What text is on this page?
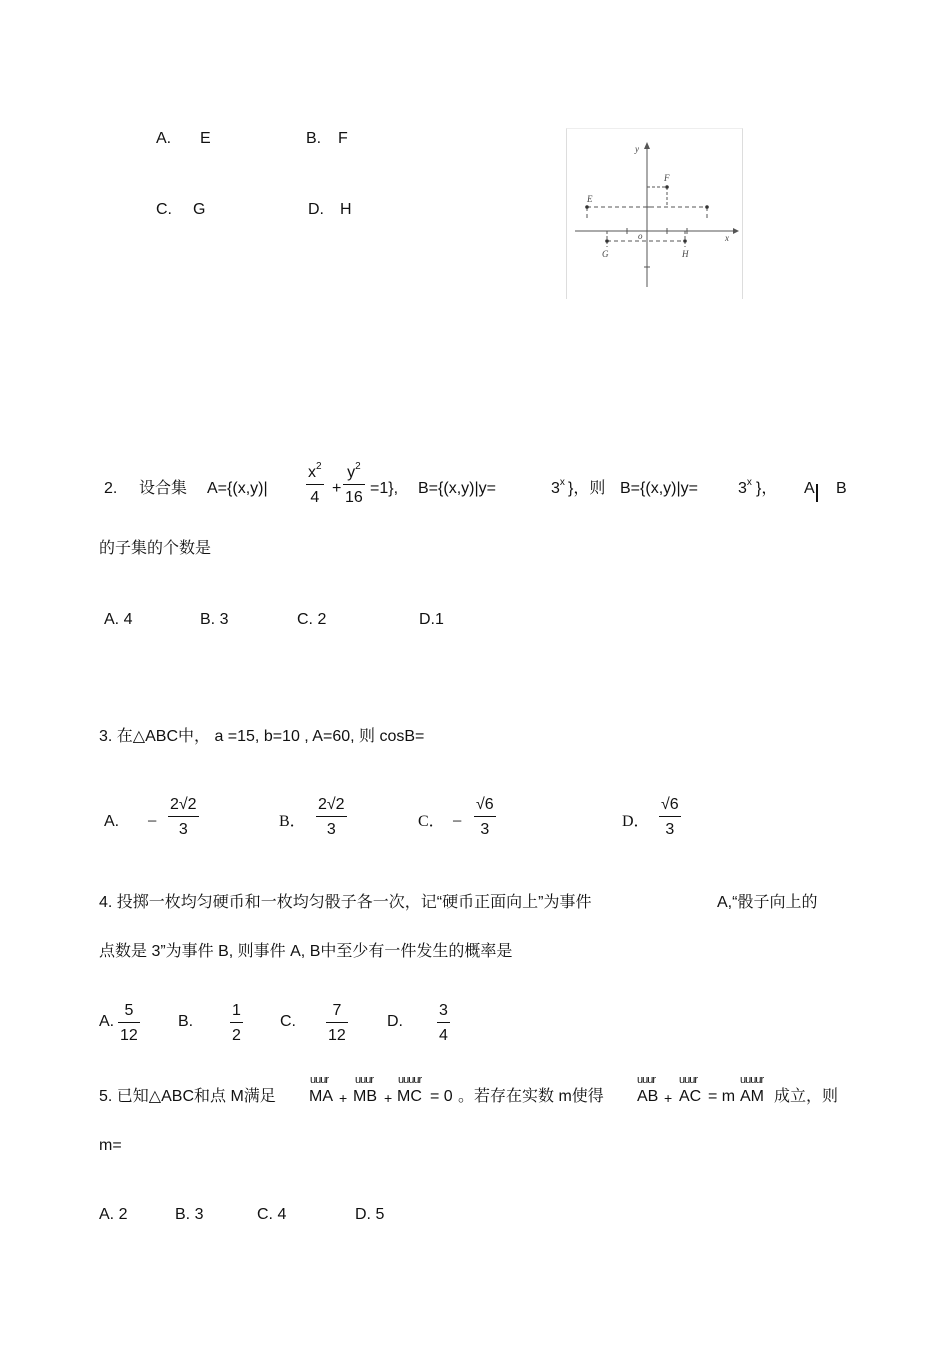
A. E	B. F
C. G	D. H
y
x
o
E
F
G	H
2. 设合集 $A=\{(x,y)| \frac{x^2}{4} + \frac{y^2}{16} =1\}$, B={(x,y)|y=	$3^x$ }，则 B={(x,y)|y=	$3^x$ }， A B
的子集的个数是
A. 4	B. 3	C. 2	D.1
3. 在△ABC中， a =15, b=10 , A=60, 则 cosB=
A. − $\frac{2√2}{3}$	B． $\frac{2√2}{3}$	C． − $\frac{√6}{3}$	D． $\frac{√6}{3}$
4. 投掷一枚均匀硬币和一枚均匀骰子各一次，记“硬币正面向上”为事件	A,“骰子向上的
点数是 3”为事件 B, 则事件 A, B中至少有一件发生的概率是
A. $\frac{5}{12} B$. $\frac{1}{2} C$. $\frac{7}{12} D$. $\frac{3}{4}$
5. 已知△ABC和点 M满足
uuur
MA +
uuur
MB +
uuuur
MC = 0 。若存在实数 m使得
uuur
AB +
uuur
AC = m
uuuur
AM 成立，则
m=
A. 2	B. 3	C. 4	D. 5
